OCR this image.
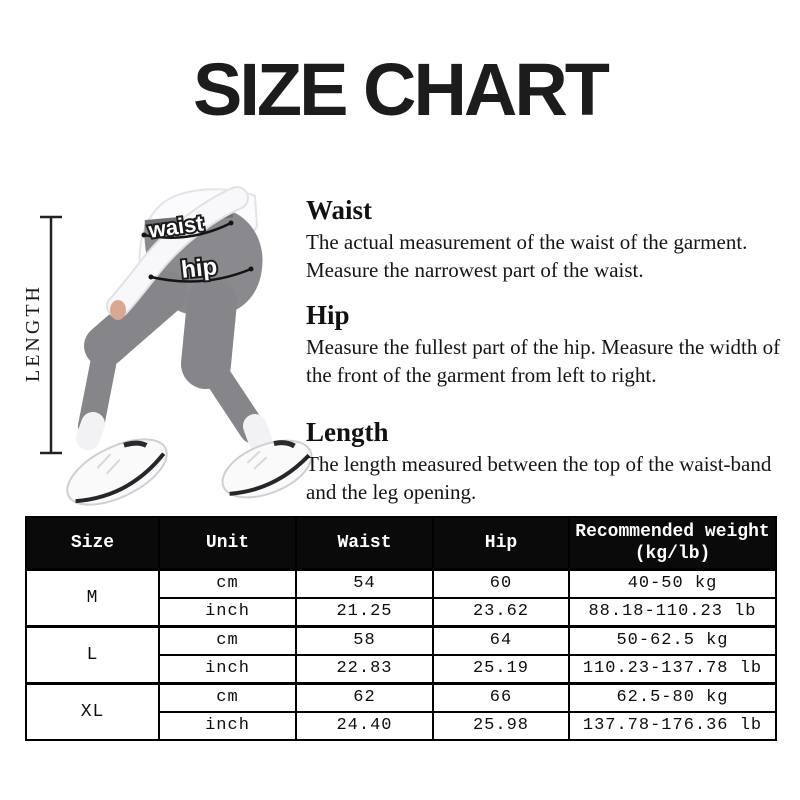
SIZE CHART
waist
hip
LENGTH
Waist

The actual measurement of the waist of the garment. Measure the narrowest part of the waist.

Hip

Measure the fullest part of the hip. Measure the width of the front of the garment from left to right.

Length

The length measured between the top of the waist-band and the leg opening.

Size	Unit	Waist	Hip	Recommended weight (kg/lb)
M	cm	54	60	40-50 kg
	inch	21.25	23.62	88.18-110.23 lb
L	cm	58	64	50-62.5 kg
	inch	22.83	25.19	110.23-137.78 lb
XL	cm	62	66	62.5-80 kg
	inch	24.40	25.98	137.78-176.36 lb
